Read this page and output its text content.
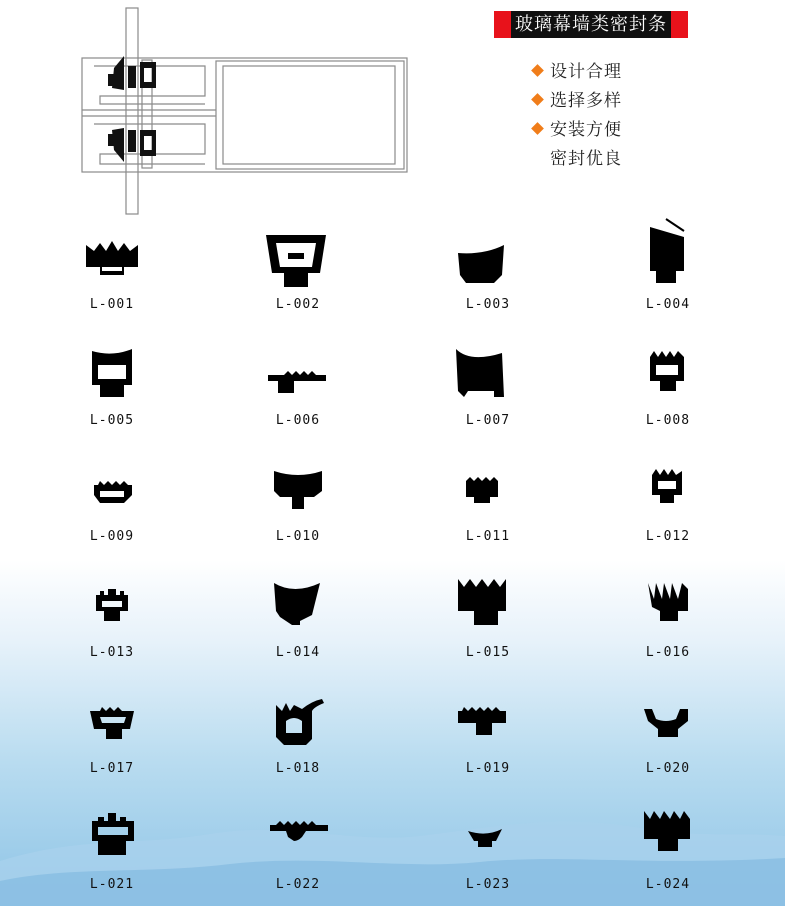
玻璃幕墙类密封条
设计合理
选择多样
安装方便
密封优良
L-001	L-002	L-003	L-004
L-005	L-006	L-007	L-008
L-009	L-010	L-011	L-012
L-013	L-014	L-015	L-016
L-017	L-018	L-019	L-020
L-021	L-022	L-023	L-024
